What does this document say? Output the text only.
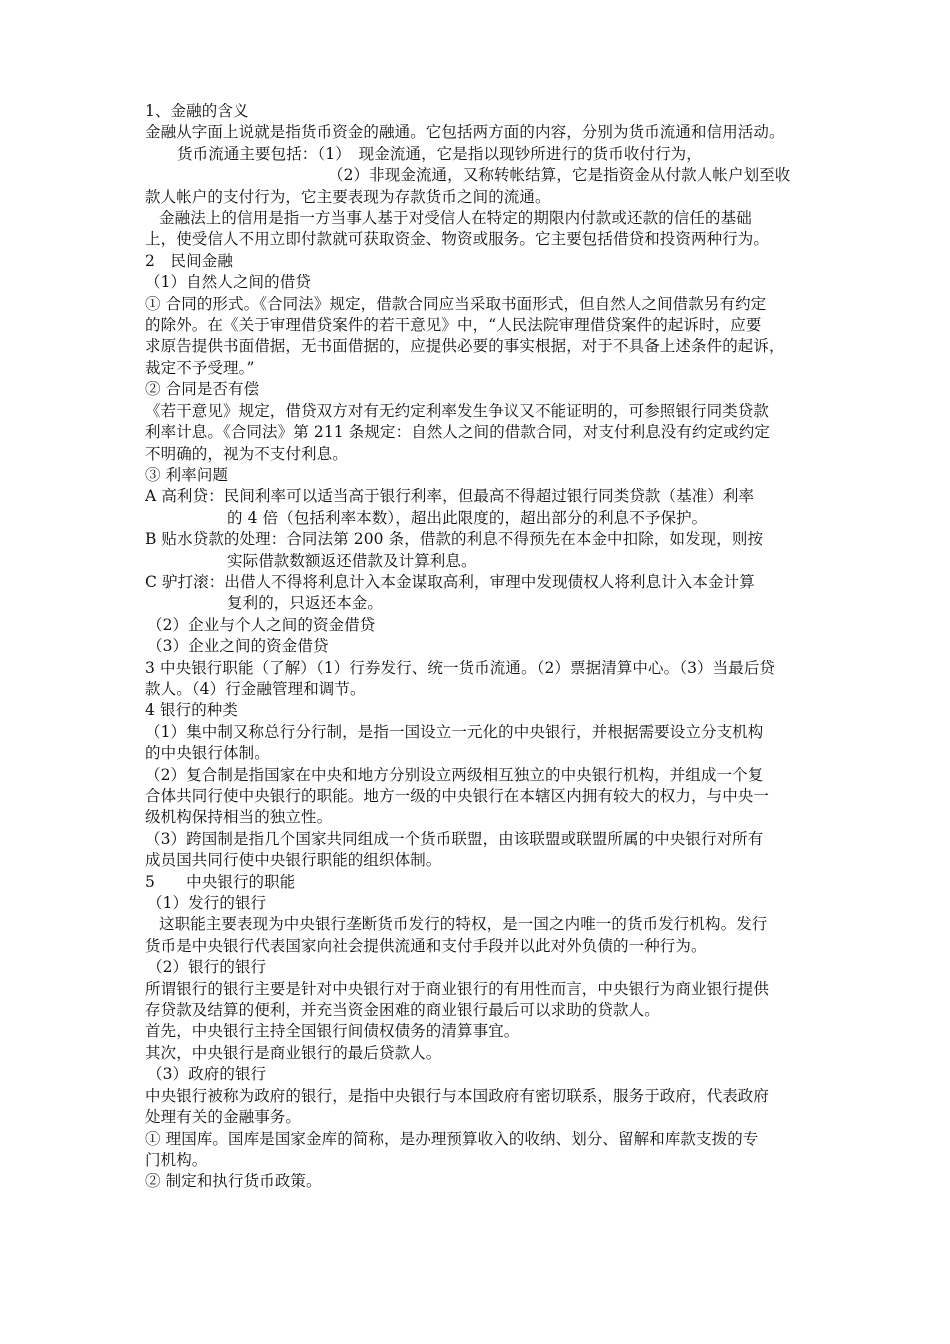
1、金融的含义
金融从字面上说就是指货币资金的融通。它包括两方面的内容，分别为货币流通和信用活动。
货币流通主要包括：（1）　现金流通，它是指以现钞所进行的货币收付行为，
（2）非现金流通，又称转帐结算，它是指资金从付款人帐户划至收
款人帐户的支付行为，它主要表现为存款货币之间的流通。
金融法上的信用是指一方当事人基于对受信人在特定的期限内付款或还款的信任的基础
上，使受信人不用立即付款就可获取资金、物资或服务。它主要包括借贷和投资两种行为。
2　民间金融
（1）自然人之间的借贷
① 合同的形式。《合同法》规定，借款合同应当采取书面形式，但自然人之间借款另有约定
的除外。在《关于审理借贷案件的若干意见》中，“人民法院审理借贷案件的起诉时，应要
求原告提供书面借据，无书面借据的，应提供必要的事实根据，对于不具备上述条件的起诉，
裁定不予受理。”
② 合同是否有偿
《若干意见》规定，借贷双方对有无约定利率发生争议又不能证明的，可参照银行同类贷款
利率计息。《合同法》第 211 条规定：自然人之间的借款合同，对支付利息没有约定或约定
不明确的，视为不支付利息。
③ 利率问题
A 高利贷：民间利率可以适当高于银行利率，但最高不得超过银行同类贷款（基准）利率
的 4 倍（包括利率本数），超出此限度的，超出部分的利息不予保护。
B 贴水贷款的处理：合同法第 200 条，借款的利息不得预先在本金中扣除，如发现，则按
实际借款数额返还借款及计算利息。
C 驴打滚：出借人不得将利息计入本金谋取高利，审理中发现债权人将利息计入本金计算
复利的，只返还本金。
（2）企业与个人之间的资金借贷
（3）企业之间的资金借贷
3 中央银行职能（了解）（1）行券发行、统一货币流通。（2）票据清算中心。（3）当最后贷
款人。（4）行金融管理和调节。
4 银行的种类
（1）集中制又称总行分行制，是指一国设立一元化的中央银行，并根据需要设立分支机构
的中央银行体制。
（2）复合制是指国家在中央和地方分别设立两级相互独立的中央银行机构，并组成一个复
合体共同行使中央银行的职能。地方一级的中央银行在本辖区内拥有较大的权力，与中央一
级机构保持相当的独立性。
（3）跨国制是指几个国家共同组成一个货币联盟，由该联盟或联盟所属的中央银行对所有
成员国共同行使中央银行职能的组织体制。
5　　中央银行的职能
（1）发行的银行
这职能主要表现为中央银行垄断货币发行的特权，是一国之内唯一的货币发行机构。发行
货币是中央银行代表国家向社会提供流通和支付手段并以此对外负债的一种行为。
（2）银行的银行
所谓银行的银行主要是针对中央银行对于商业银行的有用性而言，中央银行为商业银行提供
存贷款及结算的便利，并充当资金困难的商业银行最后可以求助的贷款人。
首先，中央银行主持全国银行间债权债务的清算事宜。
其次，中央银行是商业银行的最后贷款人。
（3）政府的银行
中央银行被称为政府的银行，是指中央银行与本国政府有密切联系，服务于政府，代表政府
处理有关的金融事务。
① 理国库。国库是国家金库的简称，是办理预算收入的收纳、划分、留解和库款支拨的专
门机构。
② 制定和执行货币政策。
